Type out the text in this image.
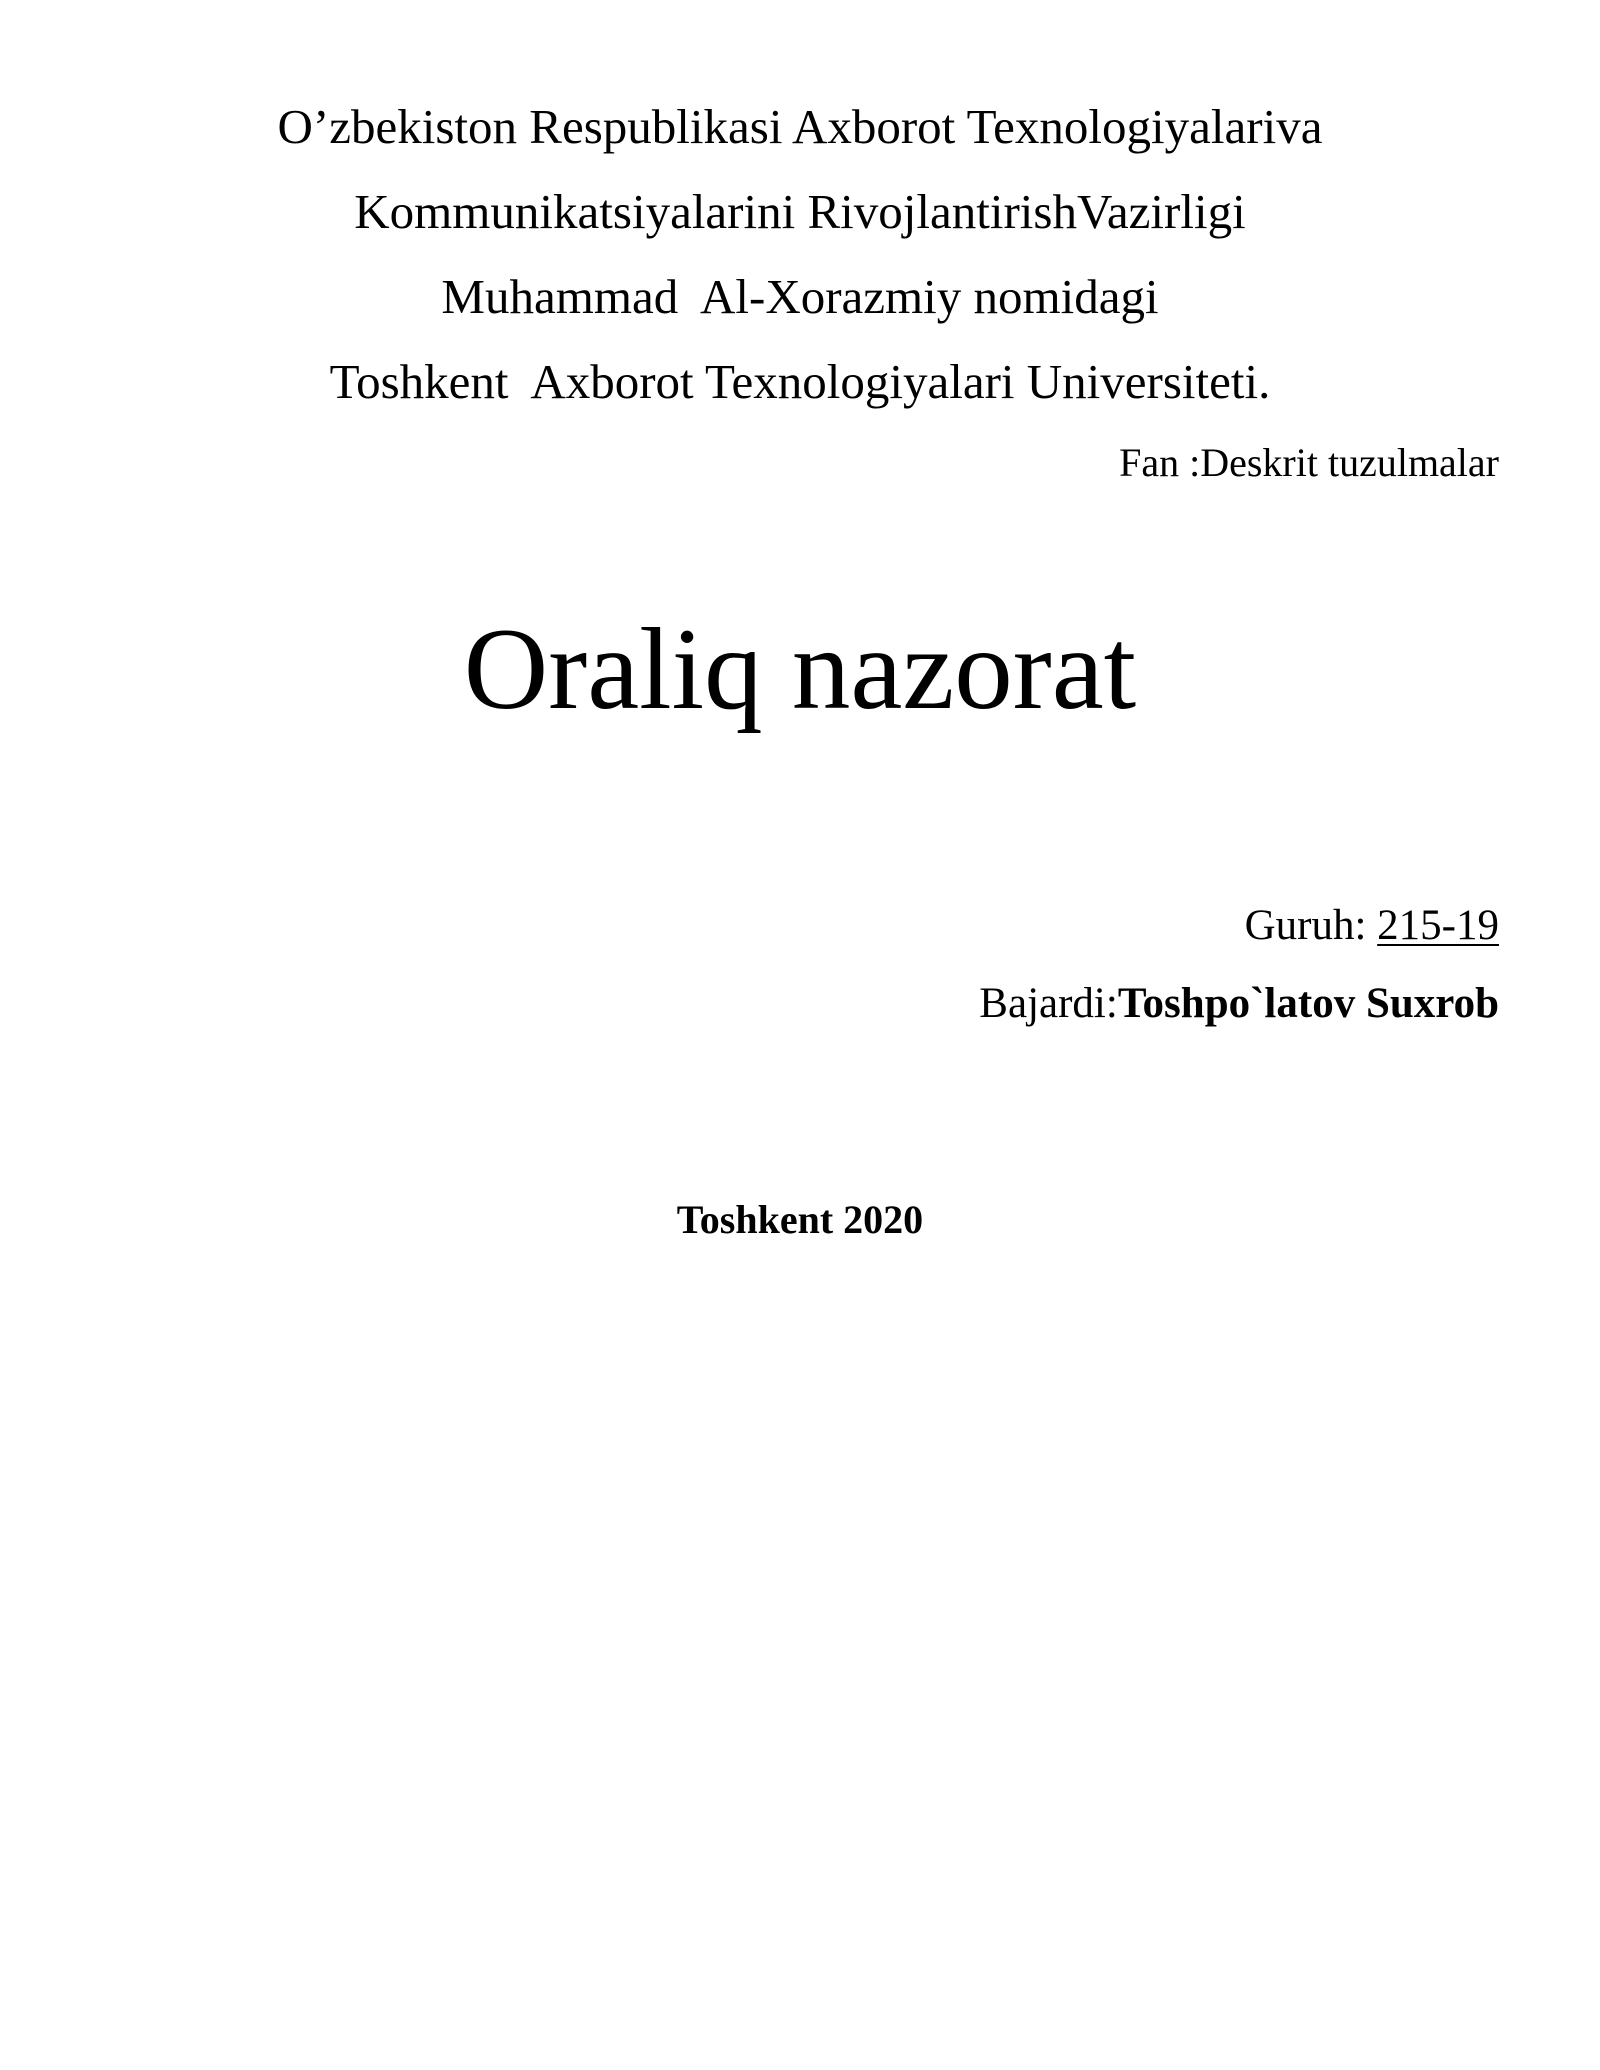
O’zbekiston Respublikasi Axborot Texnologiyalariva
Kommunikatsiyalarini RivojlantirishVazirligi
Muhammad  Al-Xorazmiy nomidagi
Toshkent  Axborot Texnologiyalari Universiteti.
Fan :Deskrit tuzulmalar
Oraliq nazorat
Guruh: 215-19
Bajardi:Toshpo`latov Suxrob
Toshkent 2020
